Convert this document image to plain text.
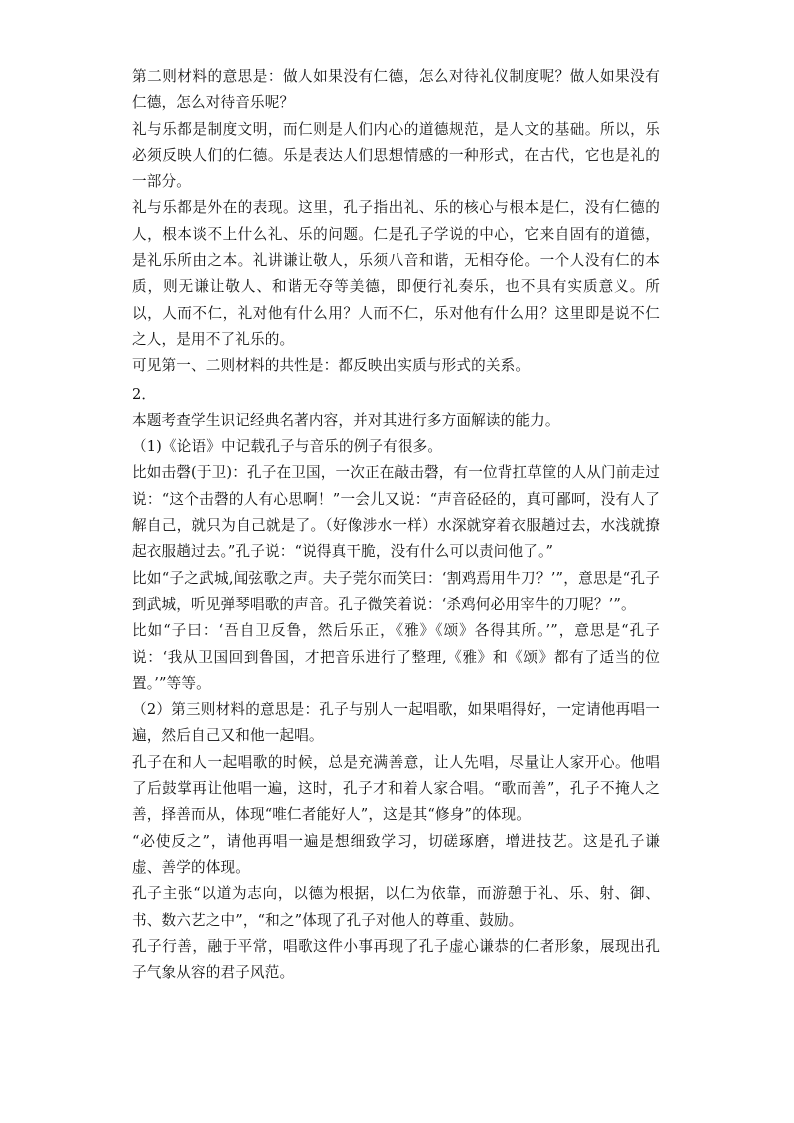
第二则材料的意思是：做人如果没有仁德，怎么对待礼仪制度呢？做人如果没有仁德，怎么对待音乐呢？

礼与乐都是制度文明，而仁则是人们内心的道德规范，是人文的基础。所以，乐必须反映人们的仁德。乐是表达人们思想情感的一种形式，在古代，它也是礼的一部分。

礼与乐都是外在的表现。这里，孔子指出礼、乐的核心与根本是仁，没有仁德的人，根本谈不上什么礼、乐的问题。仁是孔子学说的中心，它来自固有的道德，是礼乐所由之本。礼讲谦让敬人，乐须八音和谐，无相夺伦。一个人没有仁的本质，则无谦让敬人、和谐无夺等美德，即便行礼奏乐，也不具有实质意义。所以，人而不仁，礼对他有什么用？人而不仁，乐对他有什么用？这里即是说不仁之人，是用不了礼乐的。

可见第一、二则材料的共性是：都反映出实质与形式的关系。

2．

本题考查学生识记经典名著内容，并对其进行多方面解读的能力。

（1)《论语》中记载孔子与音乐的例子有很多。

比如击磬(于卫)：孔子在卫国，一次正在敲击磬，有一位背扛草筐的人从门前走过说：“这个击磬的人有心思啊！”一会儿又说：“声音硁硁的，真可鄙呵，没有人了解自己，就只为自己就是了。（好像涉水一样）水深就穿着衣服趟过去，水浅就撩起衣服趟过去。”孔子说：“说得真干脆，没有什么可以责问他了。”

比如“子之武城,闻弦歌之声。夫子莞尔而笑曰：‘割鸡焉用牛刀？’”，意思是“孔子到武城，听见弹琴唱歌的声音。孔子微笑着说：‘杀鸡何必用宰牛的刀呢？’”。

比如“子曰：‘吾自卫反鲁，然后乐正，《雅》《颂》各得其所。’”，意思是“孔子说：‘我从卫国回到鲁国，才把音乐进行了整理,《雅》和《颂》都有了适当的位置。’”等等。

（2）第三则材料的意思是：孔子与别人一起唱歌，如果唱得好，一定请他再唱一遍，然后自己又和他一起唱。

孔子在和人一起唱歌的时候，总是充满善意，让人先唱，尽量让人家开心。他唱了后鼓掌再让他唱一遍，这时，孔子才和着人家合唱。“歌而善”，孔子不掩人之善，择善而从，体现“唯仁者能好人”，这是其“修身”的体现。

“必使反之”，请他再唱一遍是想细致学习，切磋琢磨，增进技艺。这是孔子谦虚、善学的体现。

孔子主张“以道为志向，以德为根据，以仁为依靠，而游憩于礼、乐、射、御、书、数六艺之中”，“和之”体现了孔子对他人的尊重、鼓励。

孔子行善，融于平常，唱歌这件小事再现了孔子虚心谦恭的仁者形象，展现出孔子气象从容的君子风范。
